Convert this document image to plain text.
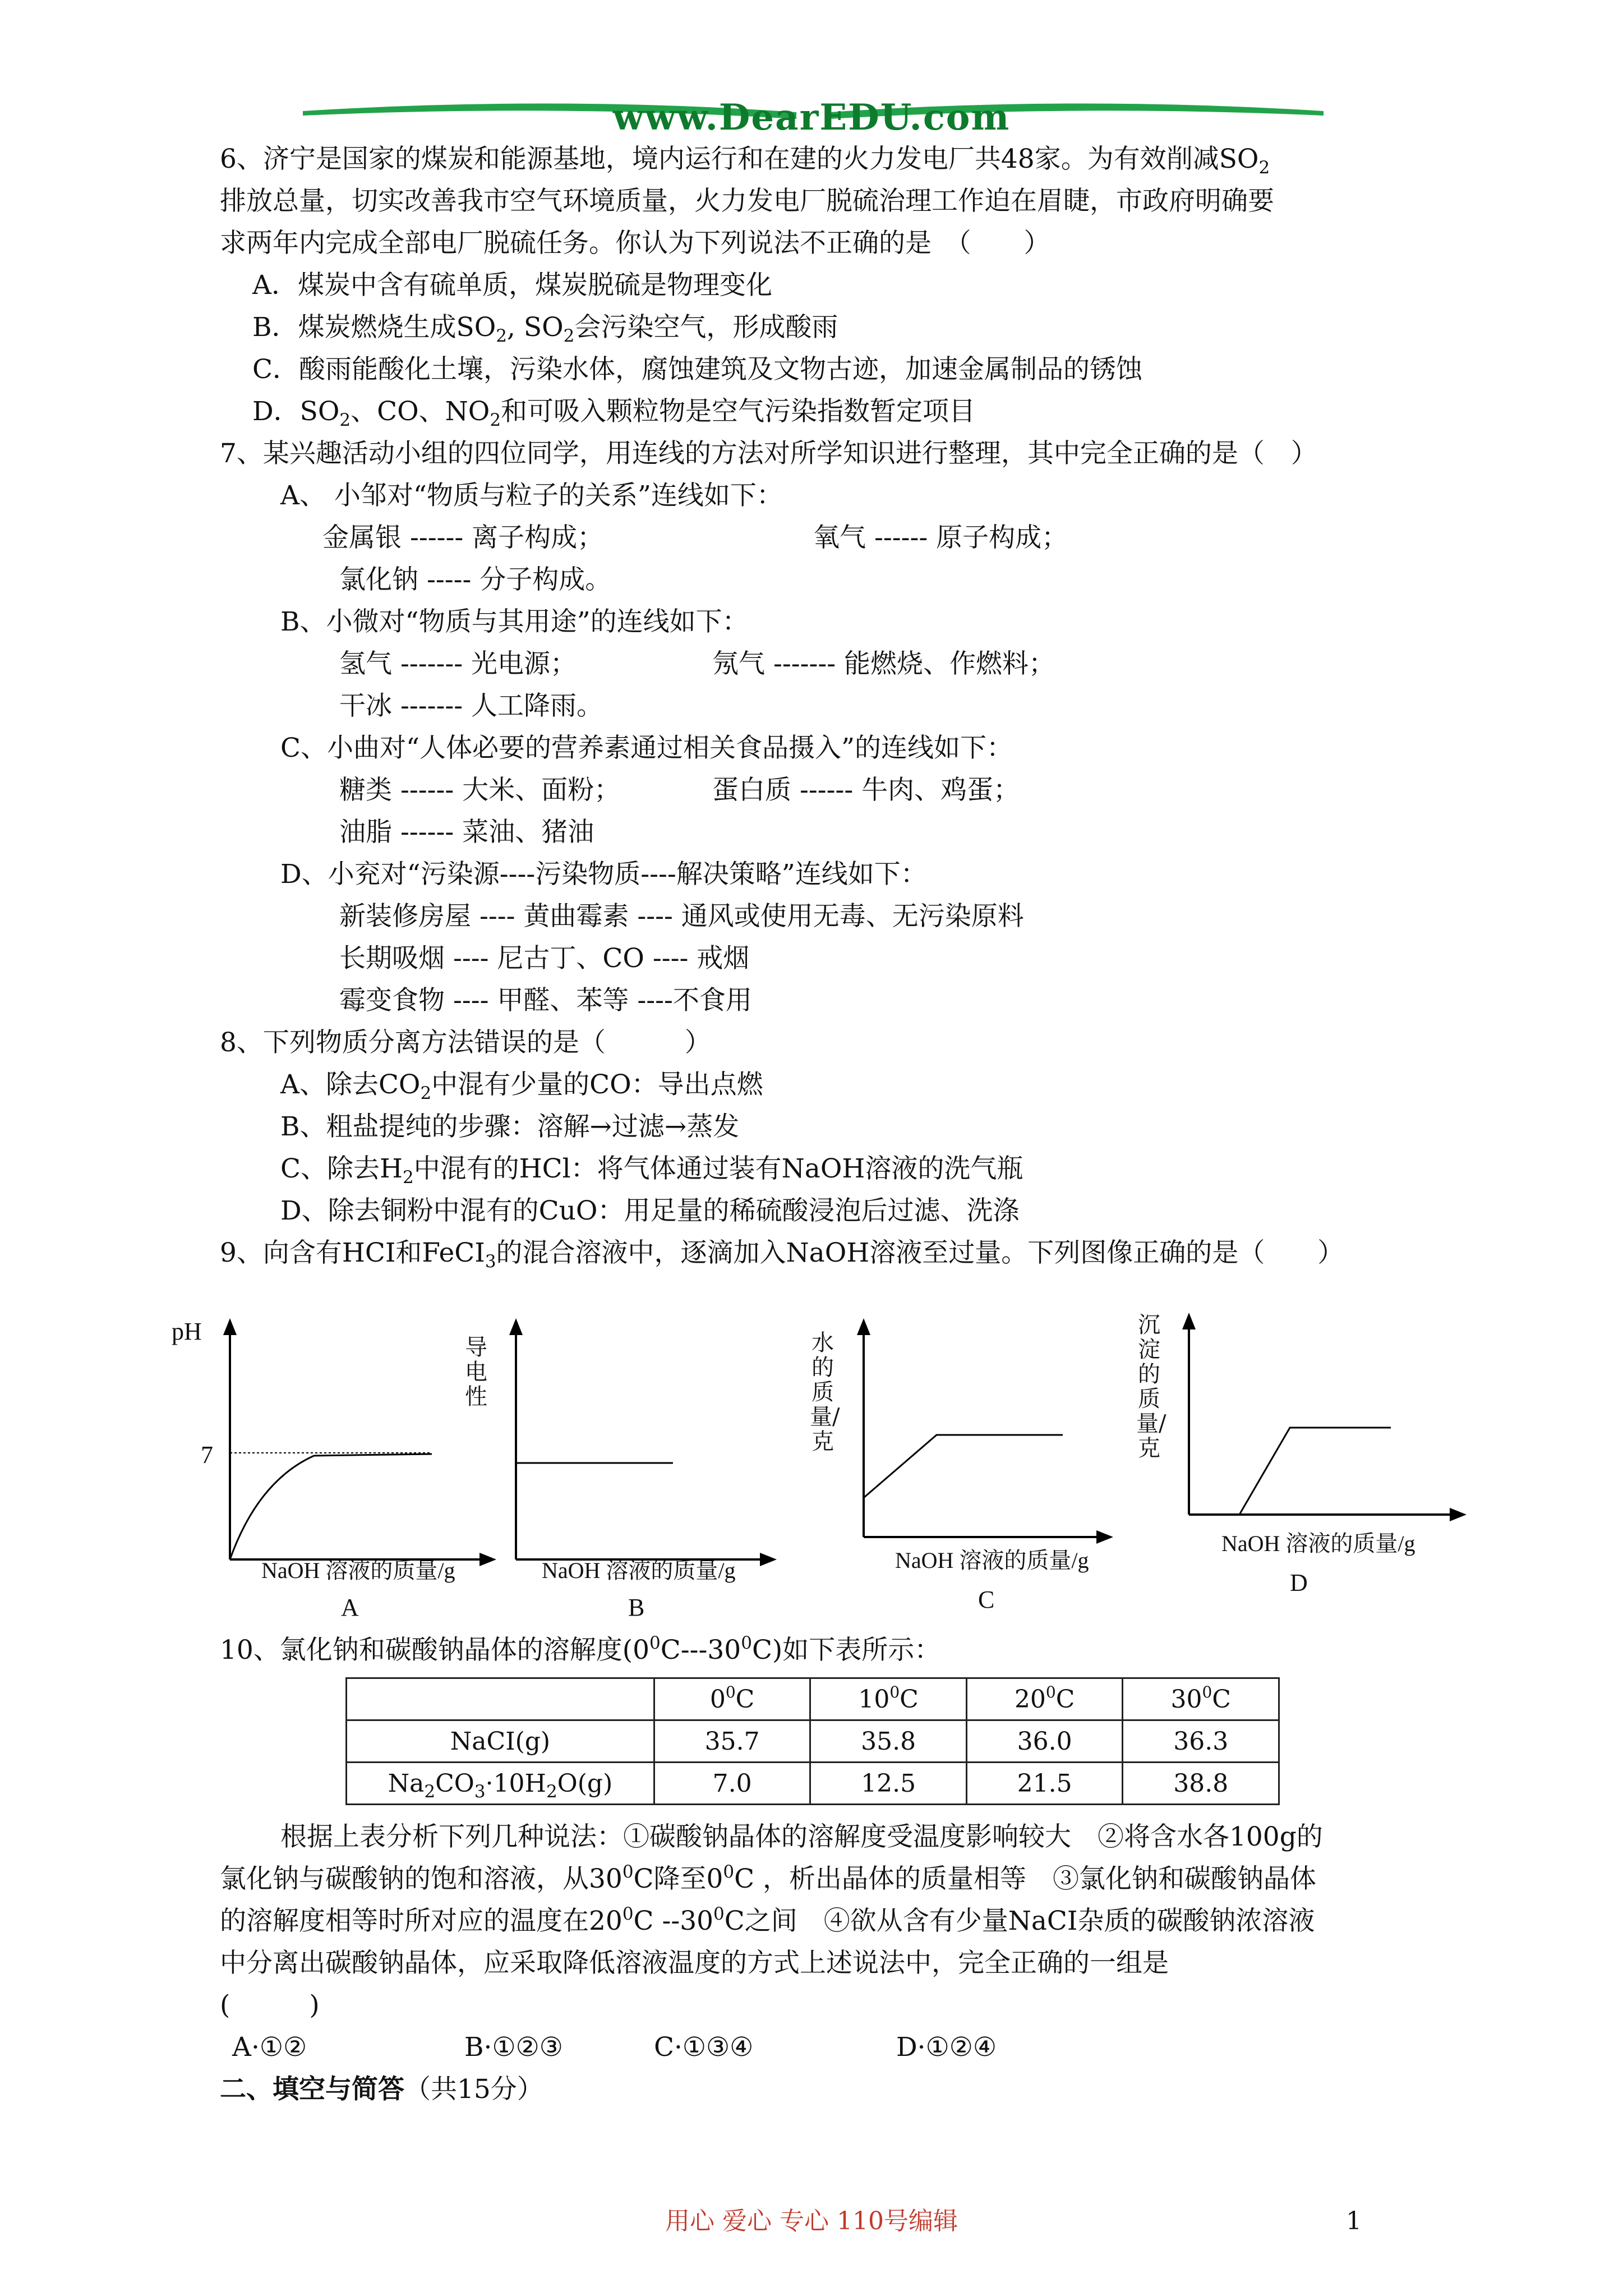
www.DearEDU.com
6、济宁是国家的煤炭和能源基地，境内运行和在建的火力发电厂共48家。为有效削减$SO_2$
排放总量，切实改善我市空气环境质量，火力发电厂脱硫治理工作迫在眉睫，市政府明确要
求两年内完成全部电厂脱硫任务。你认为下列说法不正确的是　（　　）
A．煤炭中含有硫单质，煤炭脱硫是物理变化
B．煤炭燃烧生成$SO_2$, $SO_2$会污染空气，形成酸雨
C．酸雨能酸化土壤，污染水体，腐蚀建筑及文物古迹，加速金属制品的锈蚀
D．$SO_2$、CO、$NO_2$和可吸入颗粒物是空气污染指数暂定项目
7、某兴趣活动小组的四位同学，用连线的方法对所学知识进行整理，其中完全正确的是（　）
A、 小邹对“物质与粒子的关系”连线如下：
金属银 ------ 离子构成；	氧气 ------ 原子构成；
氯化钠 ----- 分子构成。
B、小微对“物质与其用途”的连线如下：
氢气 ------- 光电源；	氖气 ------- 能燃烧、作燃料；
干冰 ------- 人工降雨。
C、小曲对“人体必要的营养素通过相关食品摄入”的连线如下：
糖类 ------ 大米、面粉；	蛋白质 ------ 牛肉、鸡蛋；
油脂 ------ 菜油、猪油
D、小兖对“污染源----污染物质----解决策略”连线如下：
新装修房屋 ---- 黄曲霉素 ---- 通风或使用无毒、无污染原料
长期吸烟 ---- 尼古丁、CO ---- 戒烟
霉变食物 ---- 甲醛、苯等 ----不食用
8、下列物质分离方法错误的是（　　　）
A、除去$CO_2$中混有少量的CO：导出点燃
B、粗盐提纯的步骤：溶解→过滤→蒸发
C、除去$H_2$中混有的HCl：将气体通过装有NaOH溶液的洗气瓶
D、除去铜粉中混有的CuO：用足量的稀硫酸浸泡后过滤、洗涤
9、向含有HCI和FeCI$_3$的混合溶液中，逐滴加入NaOH溶液至过量。下列图像正确的是（　　）
pH
7
NaOH 溶液的质量/g
A
导电性
NaOH 溶液的质量/g
B
水的质量/克
NaOH 溶液的质量/g
C
沉淀的质量/克
NaOH 溶液的质量/g
D
10、氯化钠和碳酸钠晶体的溶解度$(0^0C---30^0C)$如下表所示：
	$0^0C$	$10^0C$	$20^0C$	$30^0C$
NaCI(g)	35.7	35.8	36.0	36.3
$Na_2CO_3\cdot 10H_2O(g)$	7.0	12.5	21.5	38.8
根据上表分析下列几种说法：①碳酸钠晶体的溶解度受温度影响较大　②将含水各100g的
氯化钠与碳酸钠的饱和溶液，从$30^0C$降至$0^0C$ ，析出晶体的质量相等　③氯化钠和碳酸钠晶体
的溶解度相等时所对应的温度在$20^0C$ $--30^0C$之间　④欲从含有少量NaCI杂质的碳酸钠浓溶液
中分离出碳酸钠晶体，应采取降低溶液温度的方式上述说法中，完全正确的一组是
(　　　)
A·①②	B·①②③	C·①③④	D·①②④
二、填空与简答（共15分）
用心 爱心 专心 110号编辑	1
